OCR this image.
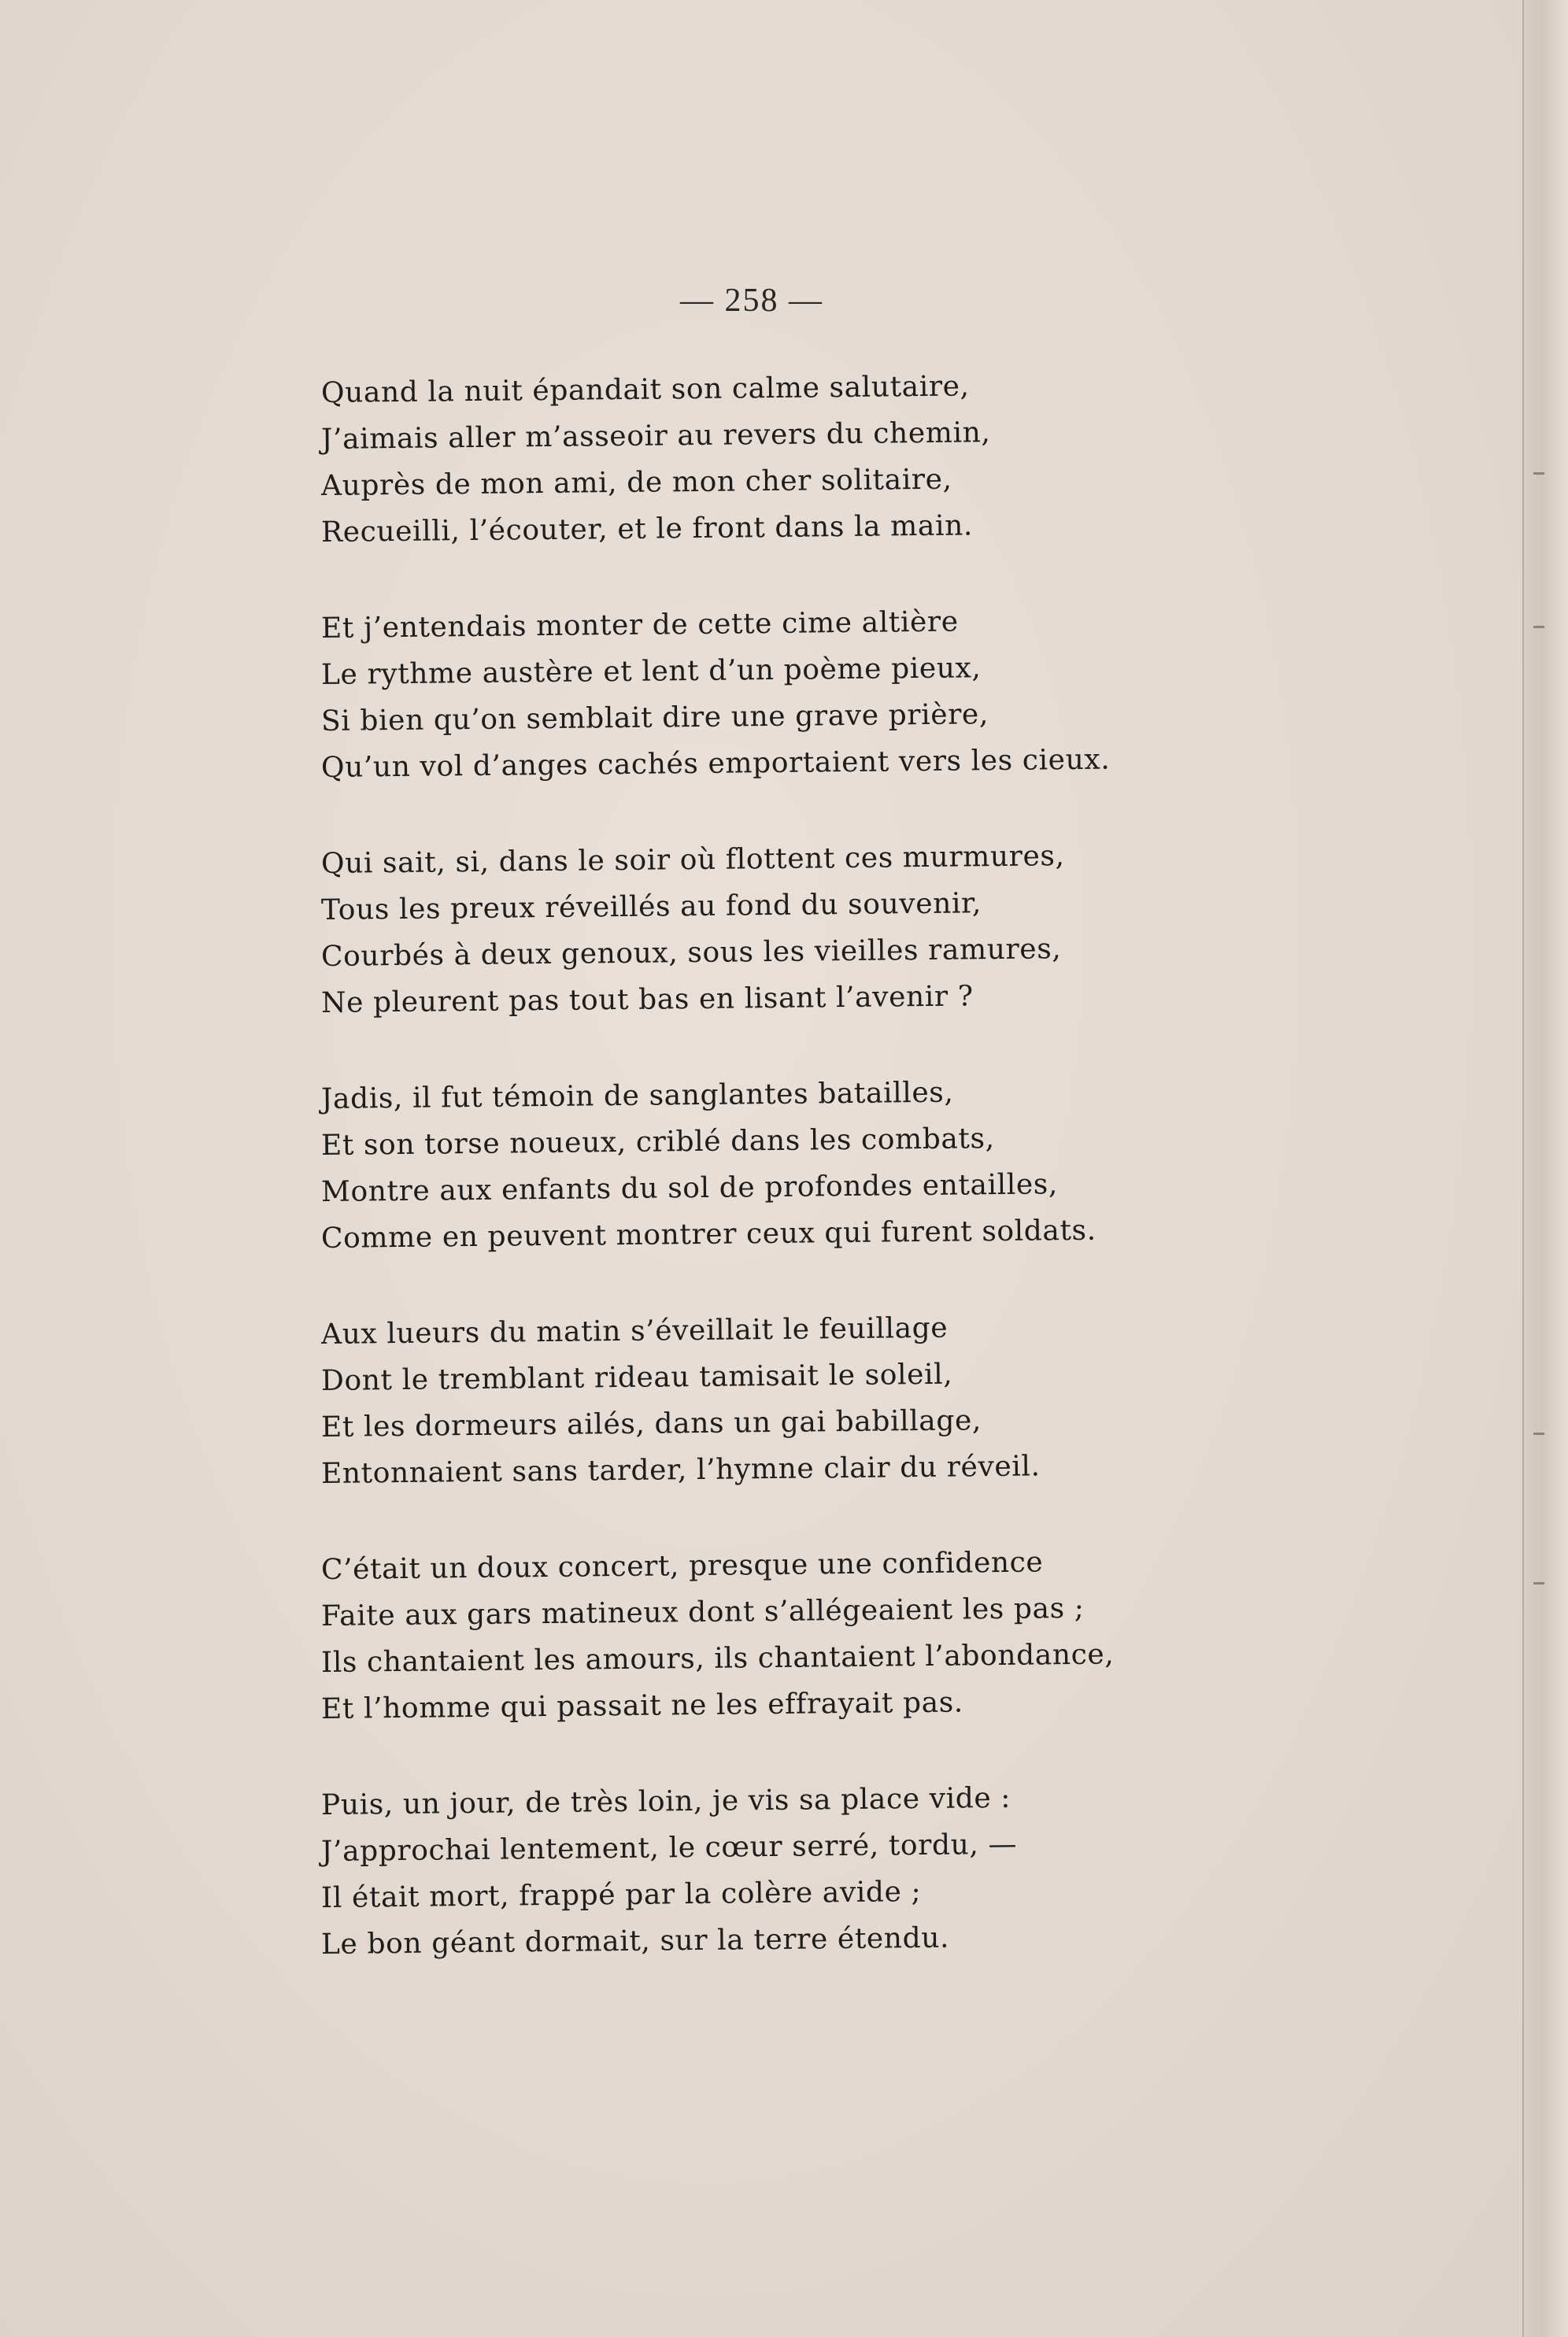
— 258 —
Quand la nuit épandait son calme salutaire,
J’aimais aller m’asseoir au revers du chemin,
Auprès de mon ami, de mon cher solitaire,
Recueilli, l’écouter, et le front dans la main.
Et j’entendais monter de cette cime altière
Le rythme austère et lent d’un poème pieux,
Si bien qu’on semblait dire une grave prière,
Qu’un vol d’anges cachés emportaient vers les cieux.
Qui sait, si, dans le soir où flottent ces murmures,
Tous les preux réveillés au fond du souvenir,
Courbés à deux genoux, sous les vieilles ramures,
Ne pleurent pas tout bas en lisant l’avenir ?
Jadis, il fut témoin de sanglantes batailles,
Et son torse noueux, criblé dans les combats,
Montre aux enfants du sol de profondes entailles,
Comme en peuvent montrer ceux qui furent soldats.
Aux lueurs du matin s’éveillait le feuillage
Dont le tremblant rideau tamisait le soleil,
Et les dormeurs ailés, dans un gai babillage,
Entonnaient sans tarder, l’hymne clair du réveil.
C’était un doux concert, presque une confidence
Faite aux gars matineux dont s’allégeaient les pas ;
Ils chantaient les amours, ils chantaient l’abondance,
Et l’homme qui passait ne les effrayait pas.
Puis, un jour, de très loin, je vis sa place vide :
J’approchai lentement, le cœur serré, tordu, —
Il était mort, frappé par la colère avide ;
Le bon géant dormait, sur la terre étendu.
